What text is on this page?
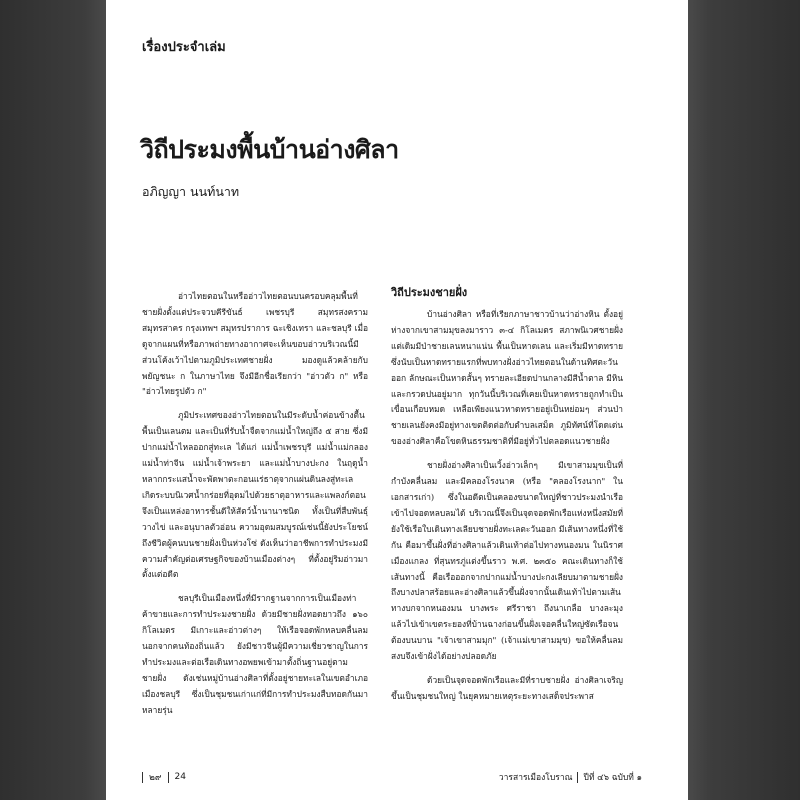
เรื่องประจำเล่ม
วิถีประมงพื้นบ้านอ่างศิลา
อภิญญา นนท์นาท

อ่าวไทยตอนในหรืออ่าวไทยตอนบนครอบคลุมพื้นที่ชายฝั่งตั้งแต่ประจวบคีรีขันธ์ เพชรบุรี สมุทรสงคราม สมุทรสาคร กรุงเทพฯ สมุทรปราการ ฉะเชิงเทรา และชลบุรี เมื่อดูจากแผนที่หรือภาพถ่ายทางอากาศจะเห็นขอบอ่าวบริเวณนี้มีส่วนโค้งเว้าไปตามภูมิประเทศชายฝั่ง มองดูแล้วคล้ายกับพยัญชนะ ก ในภาษาไทย จึงมีอีกชื่อเรียกว่า "อ่าวตัว ก" หรือ "อ่าวไทยรูปตัว ก"

ภูมิประเทศของอ่าวไทยตอนในมีระดับน้ำค่อนข้างตื้น พื้นเป็นเลนตม และเป็นที่รับน้ำจืดจากแม่น้ำใหญ่ถึง ๕ สาย ซึ่งมีปากแม่น้ำไหลออกสู่ทะเล ได้แก่ แม่น้ำเพชรบุรี แม่น้ำแม่กลอง แม่น้ำท่าจีน แม่น้ำเจ้าพระยา และแม่น้ำบางปะกง ในฤดูน้ำหลากกระแสน้ำจะพัดพาตะกอนแร่ธาตุจากแผ่นดินลงสู่ทะเล เกิดระบบนิเวศน้ำกร่อยที่อุดมไปด้วยธาตุอาหารและแพลงก์ตอน จึงเป็นแหล่งอาหารชั้นดีให้สัตว์น้ำนานาชนิด ทั้งเป็นที่สืบพันธุ์ วางไข่ และอนุบาลตัวอ่อน ความอุดมสมบูรณ์เช่นนี้ยังประโยชน์ถึงชีวิตผู้คนบนชายฝั่งเป็นห่วงโซ่ ดังเห็นว่าอาชีพการทำประมงมีความสำคัญต่อเศรษฐกิจของบ้านเมืองต่างๆ ที่ตั้งอยู่ริมอ่าวมาตั้งแต่อดีต

ชลบุรีเป็นเมืองหนึ่งที่มีรากฐานจากการเป็นเมืองท่าค้าขายและการทำประมงชายฝั่ง ด้วยมีชายฝั่งทอดยาวถึง ๑๖๐ กิโลเมตร มีเกาะและอ่าวต่างๆ ให้เรือจอดพักหลบคลื่นลมนอกจากคนท้องถิ่นแล้ว ยังมีชาวจีนผู้มีความเชี่ยวชาญในการทำประมงและต่อเรือเดินทางอพยพเข้ามาตั้งถิ่นฐานอยู่ตามชายฝั่ง ดังเช่นหมู่บ้านอ่างศิลาที่ตั้งอยู่ชายทะเลในเขตอำเภอเมืองชลบุรี ซึ่งเป็นชุมชนเก่าแก่ที่มีการทำประมงสืบทอดกันมาหลายรุ่น

วิถีประมงชายฝั่ง

บ้านอ่างศิลา หรือที่เรียกภาษาชาวบ้านว่าอ่างหิน ตั้งอยู่ห่างจากเขาสามมุขลงมาราว ๓-๔ กิโลเมตร สภาพนิเวศชายฝั่งแต่เดิมมีป่าชายเลนหนาแน่น พื้นเป็นหาดเลน และเริ่มมีหาดทรายซึ่งนับเป็นหาดทรายแรกที่พบทางฝั่งอ่าวไทยตอนในด้านทิศตะวันออก ลักษณะเป็นหาดสั้นๆ ทรายละเอียดปานกลางมีสีน้ำตาล มีหินและกรวดปนอยู่มาก ทุกวันนี้บริเวณที่เคยเป็นหาดทรายถูกทำเป็นเขื่อนเกือบหมด เหลือเพียงแนวหาดทรายอยู่เป็นหย่อมๆ ส่วนป่าชายเลนยังคงมีอยู่ทางเขตติดต่อกับตำบลเสม็ด ภูมิทัศน์ที่โดดเด่นของอ่างศิลาคือโขดหินธรรมชาติที่มีอยู่ทั่วไปตลอดแนวชายฝั่ง

ชายฝั่งอ่างศิลาเป็นเวิ้งอ่าวเล็กๆ มีเขาสามมุขเป็นที่กำบังคลื่นลม และมีคลองโรงนาค (หรือ "คลองโรงนาก" ในเอกสารเก่า) ซึ่งในอดีตเป็นคลองขนาดใหญ่ที่ชาวประมงนำเรือเข้าไปจอดหลบลมได้ บริเวณนี้จึงเป็นจุดจอดพักเรือแห่งหนึ่งสมัยที่ยังใช้เรือใบเดินทางเลียบชายฝั่งทะเลตะวันออก มีเส้นทางหนึ่งที่ใช้กัน คือมาขึ้นฝั่งที่อ่างศิลาแล้วเดินเท้าต่อไปทางหนองมน ในนิราศเมืองแกลง ที่สุนทรภู่แต่งขึ้นราว พ.ศ. ๒๓๕๐ คณะเดินทางก็ใช้เส้นทางนี้ คือเรือออกจากปากแม่น้ำบางปะกงเลียบมาตามชายฝั่งถึงบางปลาสร้อยและอ่างศิลาแล้วขึ้นฝั่งจากนั้นเดินเท้าไปตามเส้นทางบกจากหนองมน บางพระ ศรีราชา ถึงนาเกลือ บางละมุง แล้วไปเข้าเขตระยองที่บ้านฉางก่อนขึ้นฝั่งเจอคลื่นใหญ่ซัดเรือจนต้องบนบาน "เจ้าเขาสามมุก" (เจ้าแม่เขาสามมุข) ขอให้คลื่นลมสงบจึงเข้าฝั่งได้อย่างปลอดภัย

ด้วยเป็นจุดจอดพักเรือและมีที่ราบชายฝั่ง อ่างศิลาเจริญขึ้นเป็นชุมชนใหญ่ ในยุคหมายเหตุระยะทางเสด็จประพาส

๒๙ 24	วารสารเมืองโบราณ ปีที่ ๔๖ ฉบับที่ ๑
